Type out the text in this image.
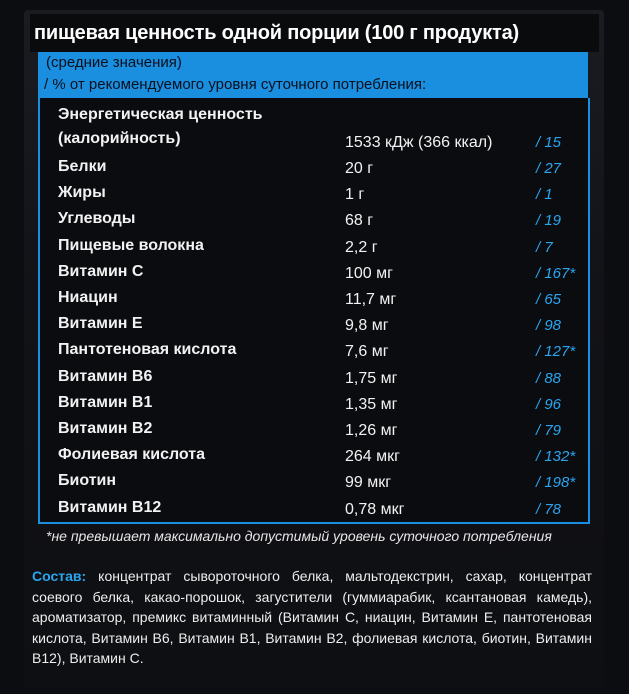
пищевая ценность одной порции (100 г продукта)
(средние значения)
/ % от рекомендуемого уровня суточного потребления:
Энергетическая ценность
(калорийность)	1533 кДж (366 ккал)	/ 15
Белки	20 г	/ 27
Жиры	1 г	/ 1
Углеводы	68 г	/ 19
Пищевые волокна	2,2 г	/ 7
Витамин С	100 мг	/ 167*
Ниацин	11,7 мг	/ 65
Витамин Е	9,8 мг	/ 98
Пантотеновая кислота	7,6 мг	/ 127*
Витамин В6	1,75 мг	/ 88
Витамин В1	1,35 мг	/ 96
Витамин В2	1,26 мг	/ 79
Фолиевая кислота	264 мкг	/ 132*
Биотин	99 мкг	/ 198*
Витамин В12	0,78 мкг	/ 78
*не превышает максимально допустимый уровень суточного потребления
Состав: концентрат сывороточного белка, мальтодекстрин, сахар, концентрат соевого белка, какао-порошок, загустители (гуммиарабик, ксантановая камедь), ароматизатор, премикс витаминный (Витамин С, ниацин, Витамин Е, пантотеновая кислота, Витамин В6, Витамин В1, Витамин В2, фолиевая кислота, биотин, Витамин В12), Витамин С.
